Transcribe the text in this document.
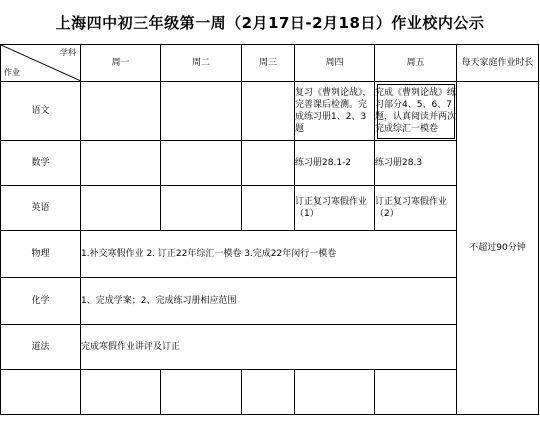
上海四中初三年级第一周（2月17日-2月18日）作业校内公示
学科
作业	周一	周二	周三	周四	周五	每天家庭作业时长
语文				复习《曹刿论战》，完善课后检测。完成练习册1、2、3题	完成《曹刿论战》练习部分4、5、6、7题，认真阅读并两次完成综汇一模卷	不超过90分钟
数学				练习册28.1-2	练习册28.3	
英语				订正复习寒假作业（1）	订正复习寒假作业（2）	

物理	1.补交寒假作业 2. 订正22年综汇一模卷 3.完成22年闵行一模卷					
化学	1、完成学案；2、完成练习册相应范围					
道法	完成寒假作业讲评及订正					
